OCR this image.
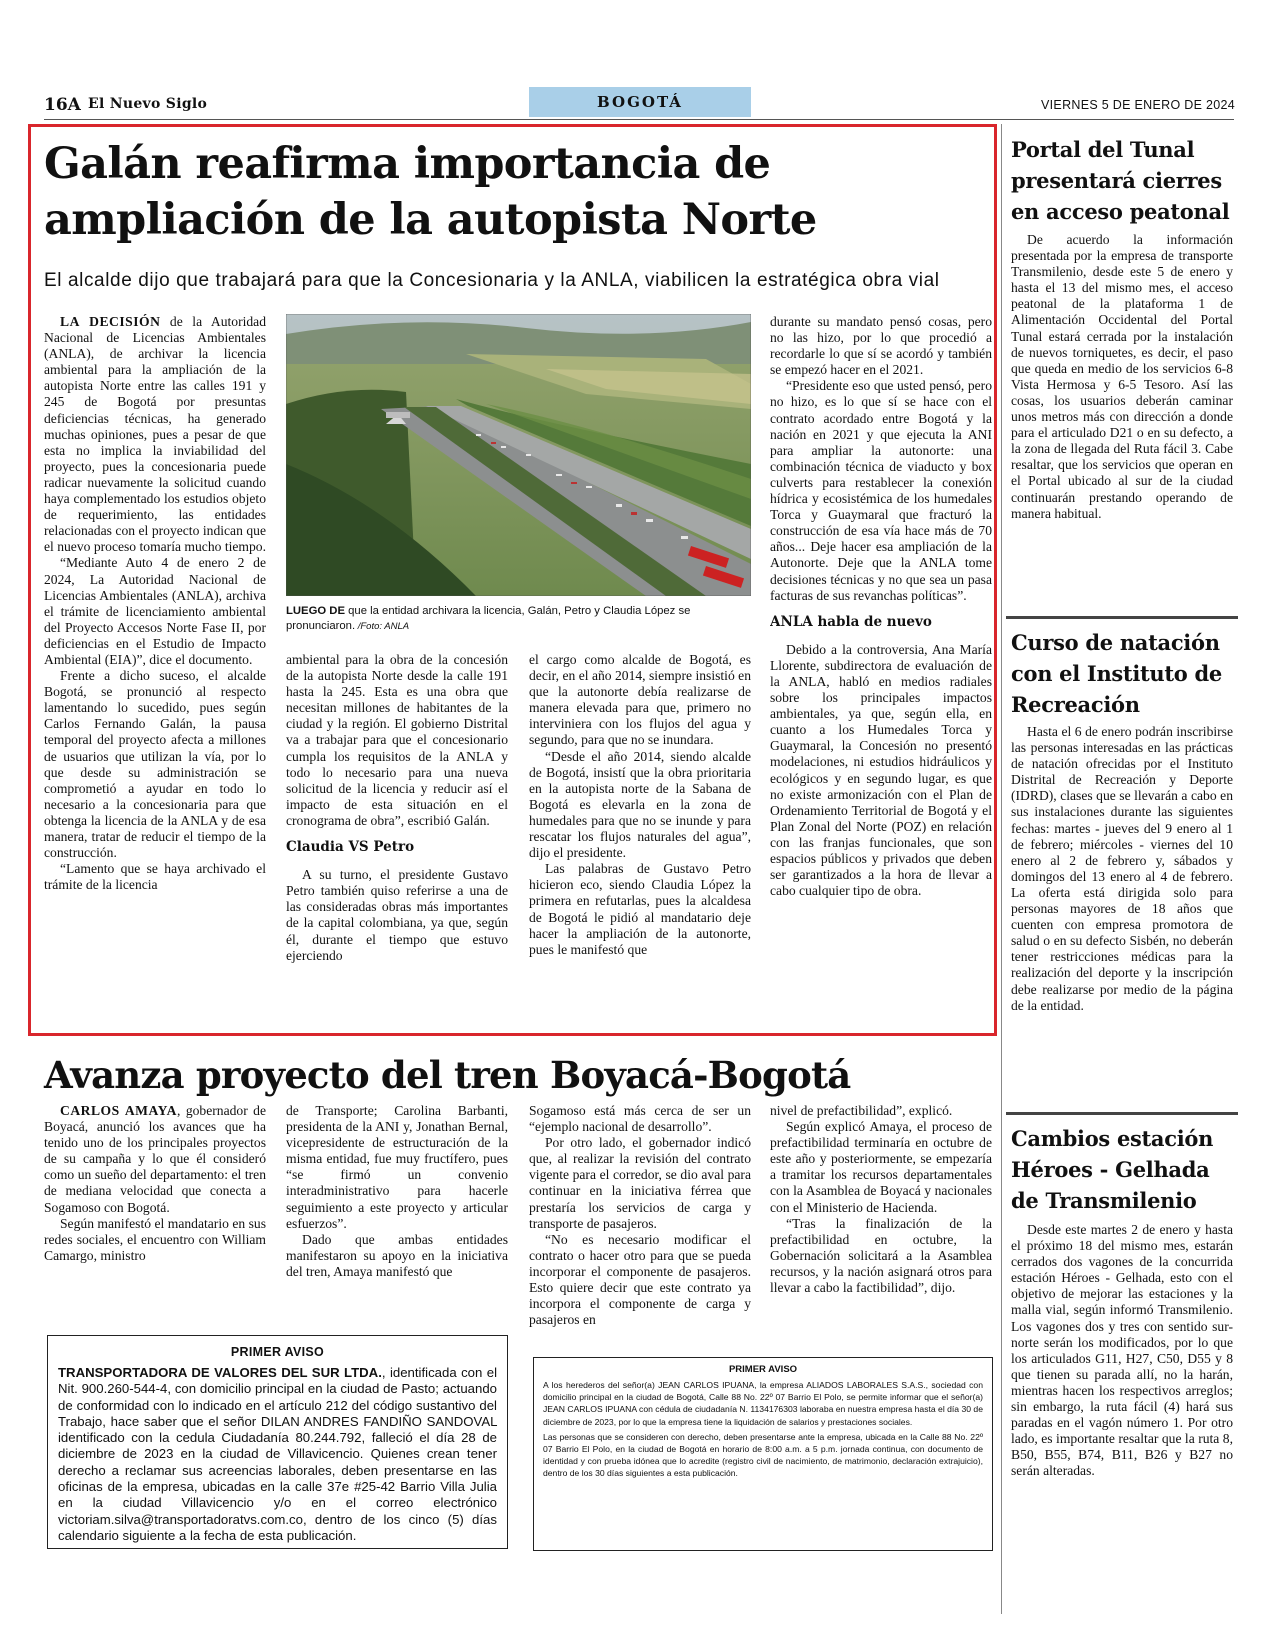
16A El Nuevo Siglo	BOGOTÁ	VIERNES 5 DE ENERO DE 2024
Galán reafirma importancia de ampliación de la autopista Norte
El alcalde dijo que trabajará para que la Concesionaria y la ANLA, viabilicen la estratégica obra vial

LA DECISIÓN de la Autoridad Nacional de Licencias Ambientales (ANLA), de archivar la licencia ambiental para la ampliación de la autopista Norte entre las calles 191 y 245 de Bogotá por presuntas deficiencias técnicas, ha generado muchas opiniones, pues a pesar de que esta no implica la inviabilidad del proyecto, pues la concesionaria puede radicar nuevamente la solicitud cuando haya complementado los estudios objeto de requerimiento, las entidades relacionadas con el proyecto indican que el nuevo proceso tomaría mucho tiempo.

“Mediante Auto 4 de enero 2 de 2024, La Autoridad Nacional de Licencias Ambientales (ANLA), archiva el trámite de licenciamiento ambiental del Proyecto Accesos Norte Fase II, por deficiencias en el Estudio de Impacto Ambiental (EIA)”, dice el documento.

Frente a dicho suceso, el alcalde Bogotá, se pronunció al respecto lamentando lo sucedido, pues según Carlos Fernando Galán, la pausa temporal del proyecto afecta a millones de usuarios que utilizan la vía, por lo que desde su administración se comprometió a ayudar en todo lo necesario a la concesionaria para que obtenga la licencia de la ANLA y de esa manera, tratar de reducir el tiempo de la construcción.

“Lamento que se haya archivado el trámite de la licencia

LUEGO DE que la entidad archivara la licencia, Galán, Petro y Claudia López se pronunciaron. /Foto: ANLA

ambiental para la obra de la concesión de la autopista Norte desde la calle 191 hasta la 245. Esta es una obra que necesitan millones de habitantes de la ciudad y la región. El gobierno Distrital va a trabajar para que el concesionario cumpla los requisitos de la ANLA y todo lo necesario para una nueva solicitud de la licencia y reducir así el impacto de esta situación en el cronograma de obra”, escribió Galán.

Claudia VS Petro

A su turno, el presidente Gustavo Petro también quiso referirse a una de las consideradas obras más importantes de la capital colombiana, ya que, según él, durante el tiempo que estuvo ejerciendo

el cargo como alcalde de Bogotá, es decir, en el año 2014, siempre insistió en que la autonorte debía realizarse de manera elevada para que, primero no interviniera con los flujos del agua y segundo, para que no se inundara.

“Desde el año 2014, siendo alcalde de Bogotá, insistí que la obra prioritaria en la autopista norte de la Sabana de Bogotá es elevarla en la zona de humedales para que no se inunde y para rescatar los flujos naturales del agua”, dijo el presidente.

Las palabras de Gustavo Petro hicieron eco, siendo Claudia López la primera en refutarlas, pues la alcaldesa de Bogotá le pidió al mandatario deje hacer la ampliación de la autonorte, pues le manifestó que

durante su mandato pensó cosas, pero no las hizo, por lo que procedió a recordarle lo que sí se acordó y también se empezó hacer en el 2021.

“Presidente eso que usted pensó, pero no hizo, es lo que sí se hace con el contrato acordado entre Bogotá y la nación en 2021 y que ejecuta la ANI para ampliar la autonorte: una combinación técnica de viaducto y box culverts para restablecer la conexión hídrica y ecosistémica de los humedales Torca y Guaymaral que fracturó la construcción de esa vía hace más de 70 años... Deje hacer esa ampliación de la Autonorte. Deje que la ANLA tome decisiones técnicas y no que sea un pasa facturas de sus revanchas políticas”.

ANLA habla de nuevo

Debido a la controversia, Ana María Llorente, subdirectora de evaluación de la ANLA, habló en medios radiales sobre los principales impactos ambientales, ya que, según ella, en cuanto a los Humedales Torca y Guaymaral, la Concesión no presentó modelaciones, ni estudios hidráulicos y ecológicos y en segundo lugar, es que no existe armonización con el Plan de Ordenamiento Territorial de Bogotá y el Plan Zonal del Norte (POZ) en relación con las franjas funcionales, que son espacios públicos y privados que deben ser garantizados a la hora de llevar a cabo cualquier tipo de obra.

Portal del Tunal presentará cierres en acceso peatonal

De acuerdo la información presentada por la empresa de transporte Transmilenio, desde este 5 de enero y hasta el 13 del mismo mes, el acceso peatonal de la plataforma 1 de Alimentación Occidental del Portal Tunal estará cerrada por la instalación de nuevos torniquetes, es decir, el paso que queda en medio de los servicios 6-8 Vista Hermosa y 6-5 Tesoro. Así las cosas, los usuarios deberán caminar unos metros más con dirección a donde para el articulado D21 o en su defecto, a la zona de llegada del Ruta fácil 3. Cabe resaltar, que los servicios que operan en el Portal ubicado al sur de la ciudad continuarán prestando operando de manera habitual.

Curso de natación con el Instituto de Recreación

Hasta el 6 de enero podrán inscribirse las personas interesadas en las prácticas de natación ofrecidas por el Instituto Distrital de Recreación y Deporte (IDRD), clases que se llevarán a cabo en sus instalaciones durante las siguientes fechas: martes - jueves del 9 enero al 1 de febrero; miércoles - viernes del 10 enero al 2 de febrero y, sábados y domingos del 13 enero al 4 de febrero. La oferta está dirigida solo para personas mayores de 18 años que cuenten con empresa promotora de salud o en su defecto Sisbén, no deberán tener restricciones médicas para la realización del deporte y la inscripción debe realizarse por medio de la página de la entidad.

Cambios estación Héroes - Gelhada de Transmilenio

Desde este martes 2 de enero y hasta el próximo 18 del mismo mes, estarán cerrados dos vagones de la concurrida estación Héroes - Gelhada, esto con el objetivo de mejorar las estaciones y la malla vial, según informó Transmilenio. Los vagones dos y tres con sentido sur-norte serán los modificados, por lo que los articulados G11, H27, C50, D55 y 8 que tienen su parada allí, no la harán, mientras hacen los respectivos arreglos; sin embargo, la ruta fácil (4) hará sus paradas en el vagón número 1. Por otro lado, es importante resaltar que la ruta 8, B50, B55, B74, B11, B26 y B27 no serán alteradas.

Avanza proyecto del tren Boyacá-Bogotá

CARLOS AMAYA, gobernador de Boyacá, anunció los avances que ha tenido uno de los principales proyectos de su campaña y lo que él consideró como un sueño del departamento: el tren de mediana velocidad que conecta a Sogamoso con Bogotá.

Según manifestó el mandatario en sus redes sociales, el encuentro con William Camargo, ministro

de Transporte; Carolina Barbanti, presidenta de la ANI y, Jonathan Bernal, vicepresidente de estructuración de la misma entidad, fue muy fructífero, pues “se firmó un convenio interadministrativo para hacerle seguimiento a este proyecto y articular esfuerzos”.

Dado que ambas entidades manifestaron su apoyo en la iniciativa del tren, Amaya manifestó que

Sogamoso está más cerca de ser un “ejemplo nacional de desarrollo”.

Por otro lado, el gobernador indicó que, al realizar la revisión del contrato vigente para el corredor, se dio aval para continuar en la iniciativa férrea que prestaría los servicios de carga y transporte de pasajeros.

“No es necesario modificar el contrato o hacer otro para que se pueda incorporar el componente de pasajeros. Esto quiere decir que este contrato ya incorpora el componente de carga y pasajeros en

nivel de prefactibilidad”, explicó.

Según explicó Amaya, el proceso de prefactibilidad terminaría en octubre de este año y posteriormente, se empezaría a tramitar los recursos departamentales con la Asamblea de Boyacá y nacionales con el Ministerio de Hacienda.

“Tras la finalización de la prefactibilidad en octubre, la Gobernación solicitará a la Asamblea recursos, y la nación asignará otros para llevar a cabo la factibilidad”, dijo.

PRIMER AVISO
TRANSPORTADORA DE VALORES DEL SUR LTDA., identificada con el Nit. 900.260-544-4, con domicilio principal en la ciudad de Pasto; actuando de conformidad con lo indicado en el artículo 212 del código sustantivo del Trabajo, hace saber que el señor DILAN ANDRES FANDIÑO SANDOVAL identificado con la cedula Ciudadanía 80.244.792, falleció el día 28 de diciembre de 2023 en la ciudad de Villavicencio. Quienes crean tener derecho a reclamar sus acreencias laborales, deben presentarse en las oficinas de la empresa, ubicadas en la calle 37e #25-42 Barrio Villa Julia en la ciudad Villavicencio y/o en el correo electrónico victoriam.silva@transportadoratvs.com.co, dentro de los cinco (5) días calendario siguiente a la fecha de esta publicación.
PRIMER AVISO

A los herederos del señor(a) JEAN CARLOS IPUANA, la empresa ALIADOS LABORALES S.A.S., sociedad con domicilio principal en la ciudad de Bogotá, Calle 88 No. 22º 07 Barrio El Polo, se permite informar que el señor(a) JEAN CARLOS IPUANA con cédula de ciudadanía N. 1134176303 laboraba en nuestra empresa hasta el día 30 de diciembre de 2023, por lo que la empresa tiene la liquidación de salarios y prestaciones sociales.

Las personas que se consideren con derecho, deben presentarse ante la empresa, ubicada en la Calle 88 No. 22º 07 Barrio El Polo, en la ciudad de Bogotá en horario de 8:00 a.m. a 5 p.m. jornada continua, con documento de identidad y con prueba idónea que lo acredite (registro civil de nacimiento, de matrimonio, declaración extrajuicio), dentro de los 30 días siguientes a esta publicación.
